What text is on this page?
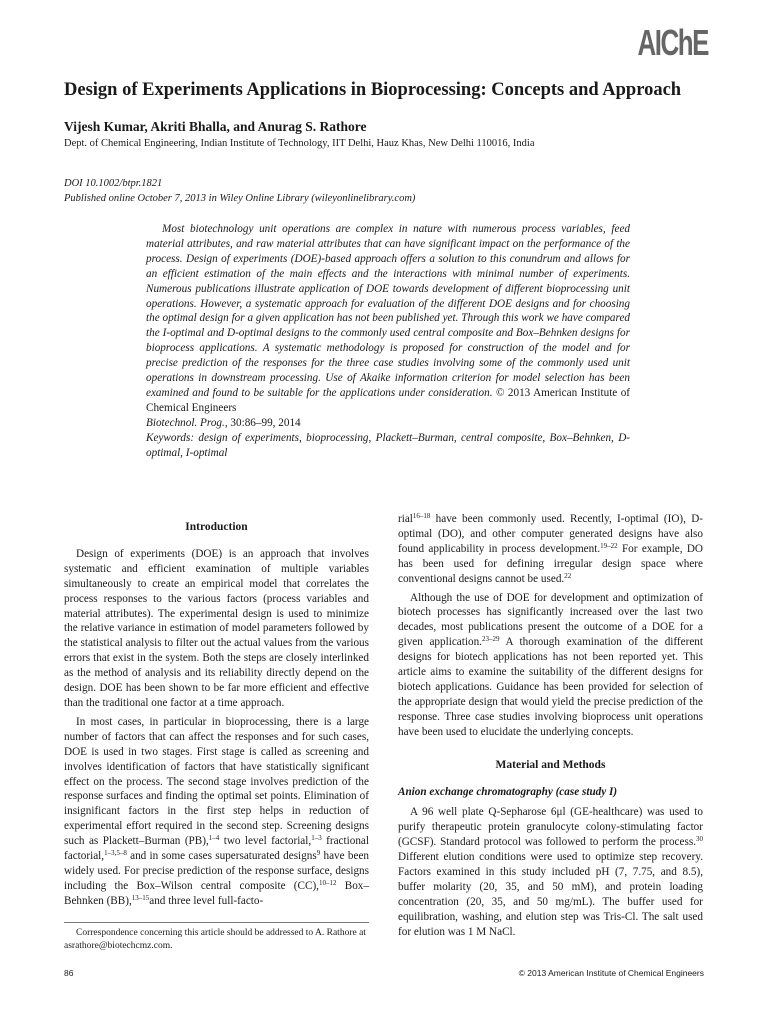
AIChE
Design of Experiments Applications in Bioprocessing: Concepts and Approach
Vijesh Kumar, Akriti Bhalla, and Anurag S. Rathore
Dept. of Chemical Engineering, Indian Institute of Technology, IIT Delhi, Hauz Khas, New Delhi 110016, India
DOI 10.1002/btpr.1821
Published online October 7, 2013 in Wiley Online Library (wileyonlinelibrary.com)

Most biotechnology unit operations are complex in nature with numerous process variables, feed material attributes, and raw material attributes that can have significant impact on the performance of the process. Design of experiments (DOE)-based approach offers a solution to this conundrum and allows for an efficient estimation of the main effects and the interactions with minimal number of experiments. Numerous publications illustrate application of DOE towards development of different bioprocessing unit operations. However, a systematic approach for evaluation of the different DOE designs and for choosing the optimal design for a given application has not been published yet. Through this work we have compared the I-optimal and D-optimal designs to the commonly used central composite and Box–Behnken designs for bioprocess applications. A systematic methodology is proposed for construction of the model and for precise prediction of the responses for the three case studies involving some of the commonly used unit operations in downstream processing. Use of Akaike information criterion for model selection has been examined and found to be suitable for the applications under consideration. © 2013 American Institute of Chemical Engineers
Biotechnol. Prog., 30:86–99, 2014

Keywords: design of experiments, bioprocessing, Plackett–Burman, central composite, Box–Behnken, D-optimal, I-optimal
Introduction

Design of experiments (DOE) is an approach that involves systematic and efficient examination of multiple variables simultaneously to create an empirical model that correlates the process responses to the various factors (process variables and material attributes). The experimental design is used to minimize the relative variance in estimation of model parameters followed by the statistical analysis to filter out the actual values from the various errors that exist in the system. Both the steps are closely interlinked as the method of analysis and its reliability directly depend on the design. DOE has been shown to be far more efficient and effective than the traditional one factor at a time approach.

In most cases, in particular in bioprocessing, there is a large number of factors that can affect the responses and for such cases, DOE is used in two stages. First stage is called as screening and involves identification of factors that have statistically significant effect on the process. The second stage involves prediction of the response surfaces and finding the optimal set points. Elimination of insignificant factors in the first step helps in reduction of experimental effort required in the second step. Screening designs such as Plackett–Burman (PB),$^{1-4}$ two level factorial,$^{1-3}$ fractional factorial,$^{1-3,5-8}$ and in some cases supersaturated designs$^9$ have been widely used. For precise prediction of the response surface, designs including the Box–Wilson central composite (CC),$^{10-12}$ Box–Behnken (BB),$^{13-15}$and three level full-facto-

rial$^{16-18}$ have been commonly used. Recently, I-optimal (IO), D-optimal (DO), and other computer generated designs have also found applicability in process development.$^{19-22}$ For example, DO has been used for defining irregular design space where conventional designs cannot be used.$^{22}$

Although the use of DOE for development and optimization of biotech processes has significantly increased over the last two decades, most publications present the outcome of a DOE for a given application.$^{23-29}$ A thorough examination of the different designs for biotech applications has not been reported yet. This article aims to examine the suitability of the different designs for biotech applications. Guidance has been provided for selection of the appropriate design that would yield the precise prediction of the response. Three case studies involving bioprocess unit operations have been used to elucidate the underlying concepts.

Material and Methods
Anion exchange chromatography (case study I)

A 96 well plate Q-Sepharose 6μl (GE-healthcare) was used to purify therapeutic protein granulocyte colony-stimulating factor (GCSF). Standard protocol was followed to perform the process.$^{30}$ Different elution conditions were used to optimize step recovery. Factors examined in this study included pH (7, 7.75, and 8.5), buffer molarity (20, 35, and 50 mM), and protein loading concentration (20, 35, and 50 mg/mL). The buffer used for equilibration, washing, and elution step was Tris-Cl. The salt used for elution was 1 M NaCl.

Correspondence concerning this article should be addressed to A. Rathore at asrathore@biotechcmz.com.
86	© 2013 American Institute of Chemical Engineers
